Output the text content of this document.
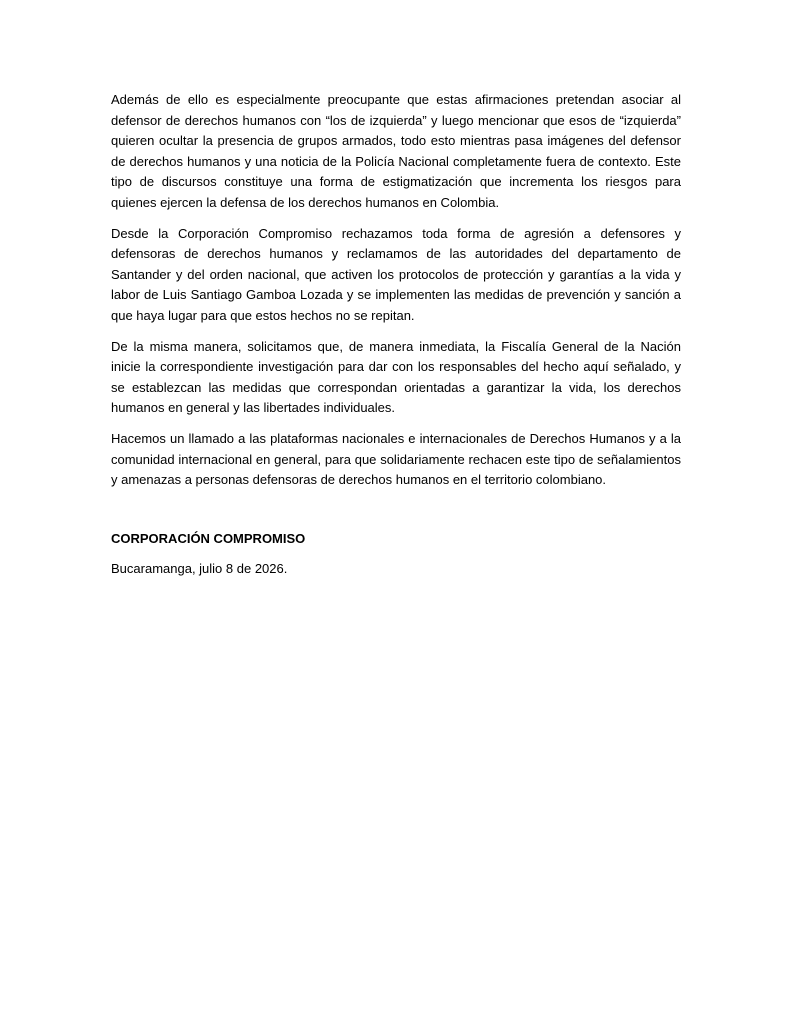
Además de ello es especialmente preocupante que estas afirmaciones pretendan asociar al defensor de derechos humanos con “los de izquierda” y luego mencionar que esos de “izquierda” quieren ocultar la presencia de grupos armados, todo esto mientras pasa imágenes del defensor de derechos humanos y una noticia de la Policía Nacional completamente fuera de contexto. Este tipo de discursos constituye una forma de estigmatización que incrementa los riesgos para quienes ejercen la defensa de los derechos humanos en Colombia.

Desde la Corporación Compromiso rechazamos toda forma de agresión a defensores y defensoras de derechos humanos y reclamamos de las autoridades del departamento de Santander y del orden nacional, que activen los protocolos de protección y garantías a la vida y labor de Luis Santiago Gamboa Lozada y se implementen las medidas de prevención y sanción a que haya lugar para que estos hechos no se repitan.

De la misma manera, solicitamos que, de manera inmediata, la Fiscalía General de la Nación inicie la correspondiente investigación para dar con los responsables del hecho aquí señalado, y se establezcan las medidas que correspondan orientadas a garantizar la vida, los derechos humanos en general y las libertades individuales.

Hacemos un llamado a las plataformas nacionales e internacionales de Derechos Humanos y a la comunidad internacional en general, para que solidariamente rechacen este tipo de señalamientos y amenazas a personas defensoras de derechos humanos en el territorio colombiano.

CORPORACIÓN COMPROMISO

Bucaramanga, julio 8 de 2026.
